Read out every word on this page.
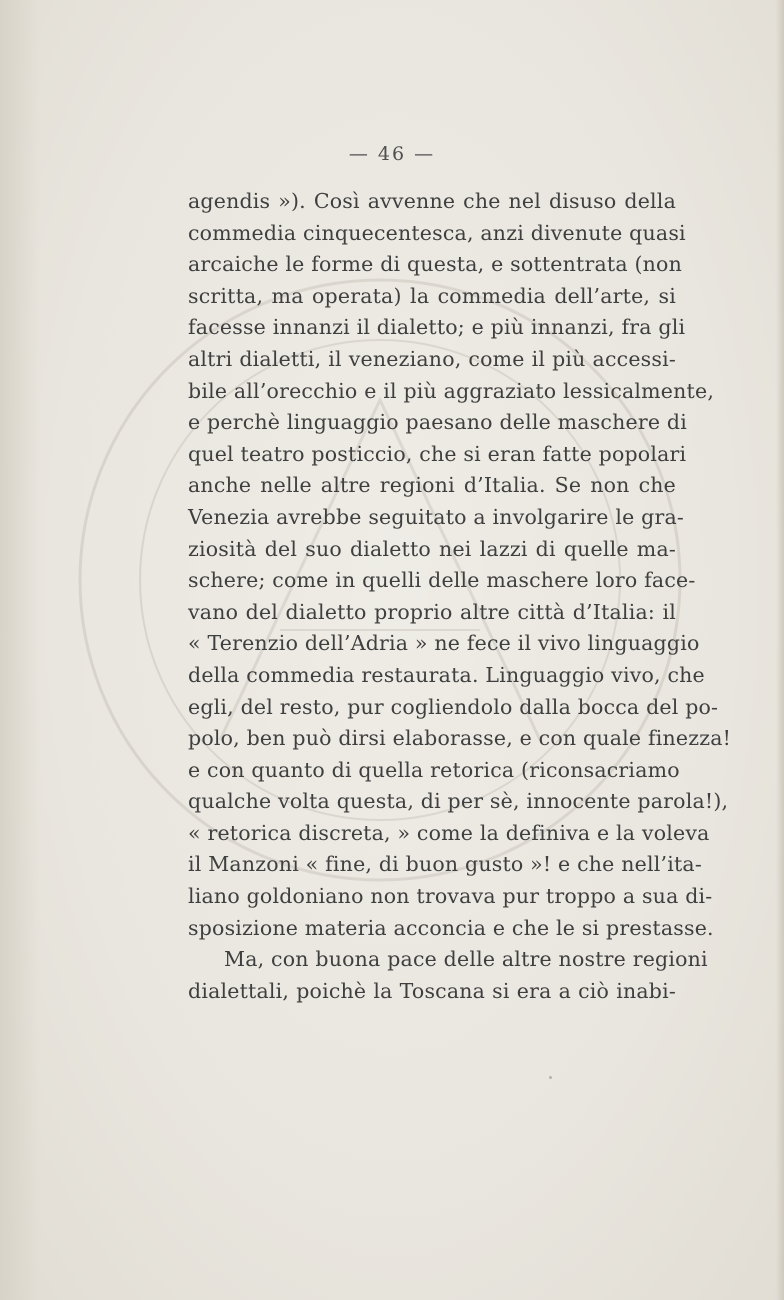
— 46 —
agendis »). Così avvenne che nel disuso della
commedia cinquecentesca, anzi divenute quasi
arcaiche le forme di questa, e sottentrata (non
scritta, ma operata) la commedia dell’arte, si
facesse innanzi il dialetto; e più innanzi, fra gli
altri dialetti, il veneziano, come il più accessi-
bile all’orecchio e il più aggraziato lessicalmente,
e perchè linguaggio paesano delle maschere di
quel teatro posticcio, che si eran fatte popolari
anche nelle altre regioni d’Italia. Se non che
Venezia avrebbe seguitato a involgarire le gra-
ziosità del suo dialetto nei lazzi di quelle ma-
schere; come in quelli delle maschere loro face-
vano del dialetto proprio altre città d’Italia: il
« Terenzio dell’Adria » ne fece il vivo linguaggio
della commedia restaurata. Linguaggio vivo, che
egli, del resto, pur cogliendolo dalla bocca del po-
polo, ben può dirsi elaborasse, e con quale finezza!
e con quanto di quella retorica (riconsacriamo
qualche volta questa, di per sè, innocente parola!),
« retorica discreta, » come la definiva e la voleva
il Manzoni « fine, di buon gusto »! e che nell’ita-
liano goldoniano non trovava pur troppo a sua di-
sposizione materia acconcia e che le si prestasse.
Ma, con buona pace delle altre nostre regioni
dialettali, poichè la Toscana si era a ciò inabi-
